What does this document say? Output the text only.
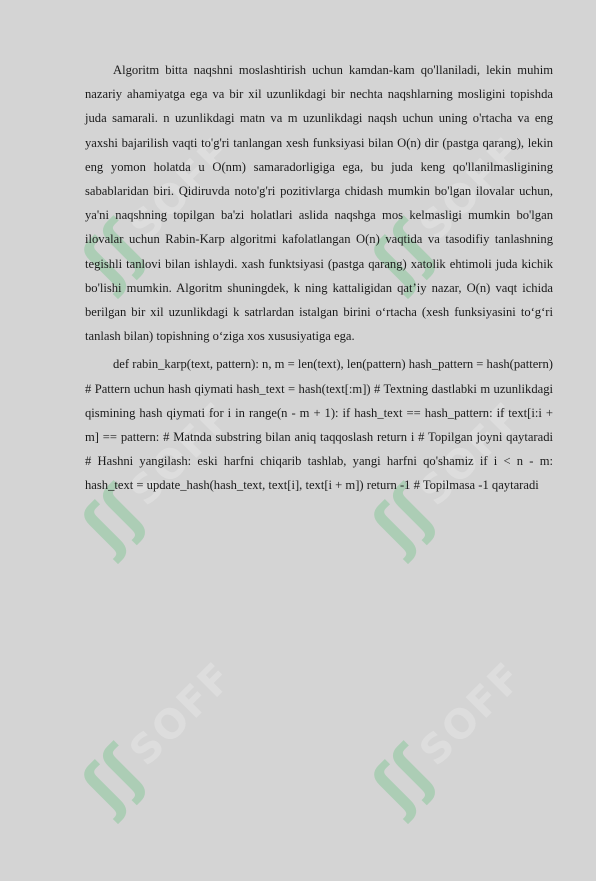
ʃʃ
SOFF
ʃʃ
SOFF
ʃʃ
SOFF
ʃʃ
SOFF
ʃʃ
SOFF
ʃʃ
SOFF

Algoritm bitta naqshni moslashtirish uchun kamdan-kam qo'llaniladi, lekin muhim nazariy ahamiyatga ega va bir xil uzunlikdagi bir nechta naqshlarning mosligini topishda juda samarali. n uzunlikdagi matn va m uzunlikdagi naqsh uchun uning o'rtacha va eng yaxshi bajarilish vaqti to'g'ri tanlangan xesh funksiyasi bilan O(n) dir (pastga qarang), lekin eng yomon holatda u O(nm) samaradorligiga ega, bu juda keng qo'llanilmasligining sabablaridan biri. Qidiruvda noto'g'ri pozitivlarga chidash mumkin bo'lgan ilovalar uchun, ya'ni naqshning topilgan ba'zi holatlari aslida naqshga mos kelmasligi mumkin bo'lgan ilovalar uchun Rabin-Karp algoritmi kafolatlangan O(n) vaqtida va tasodifiy tanlashning tegishli tanlovi bilan ishlaydi. xash funktsiyasi (pastga qarang) xatolik ehtimoli juda kichik bo'lishi mumkin. Algoritm shuningdek, k ning kattaligidan qat’iy nazar, O(n) vaqt ichida berilgan bir xil uzunlikdagi k satrlardan istalgan birini o‘rtacha (xesh funksiyasini to‘g‘ri tanlash bilan) topishning o‘ziga xos xususiyatiga ega.

def rabin_karp(text, pattern): n, m = len(text), len(pattern) hash_pattern = hash(pattern) # Pattern uchun hash qiymati hash_text = hash(text[:m]) # Textning dastlabki m uzunlikdagi qismining hash qiymati for i in range(n - m + 1): if hash_text == hash_pattern: if text[i:i + m] == pattern: # Matnda substring bilan aniq taqqoslash return i # Topilgan joyni qaytaradi # Hashni yangilash: eski harfni chiqarib tashlab, yangi harfni qo'shamiz if i < n - m: hash_text = update_hash(hash_text, text[i], text[i + m]) return -1 # Topilmasa -1 qaytaradi
